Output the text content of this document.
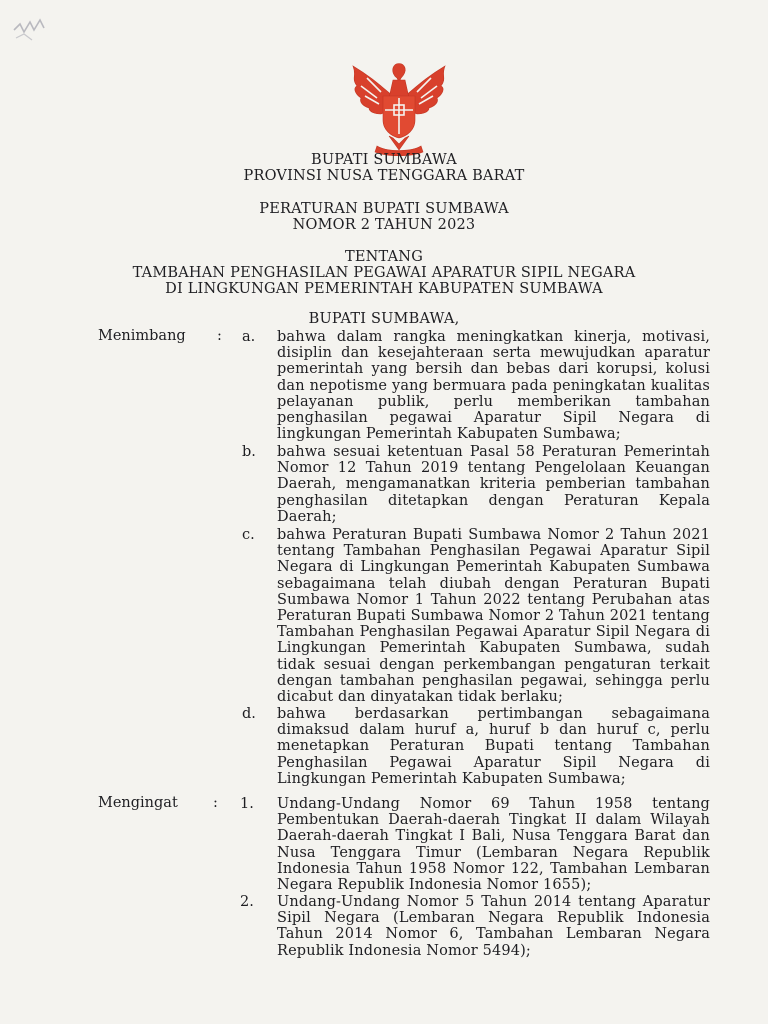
BUPATI SUMBAWA
PROVINSI NUSA TENGGARA BARAT
PERATURAN BUPATI SUMBAWA
NOMOR 2 TAHUN 2023
TENTANG
TAMBAHAN PENGHASILAN PEGAWAI APARATUR SIPIL NEGARA
DI LINGKUNGAN PEMERINTAH KABUPATEN SUMBAWA
BUPATI SUMBAWA,
Menimbang : a. bahwa dalam rangka meningkatkan kinerja, motivasi, disiplin dan kesejahteraan serta mewujudkan aparatur pemerintah yang bersih dan bebas dari korupsi, kolusi dan nepotisme yang bermuara pada peningkatan kualitas pelayanan publik, perlu memberikan tambahan penghasilan pegawai Aparatur Sipil Negara di lingkungan Pemerintah Kabupaten Sumbawa;
b. bahwa sesuai ketentuan Pasal 58 Peraturan Pemerintah Nomor 12 Tahun 2019 tentang Pengelolaan Keuangan Daerah, mengamanatkan kriteria pemberian tambahan penghasilan ditetapkan dengan Peraturan Kepala Daerah;
c. bahwa Peraturan Bupati Sumbawa Nomor 2 Tahun 2021 tentang Tambahan Penghasilan Pegawai Aparatur Sipil Negara di Lingkungan Pemerintah Kabupaten Sumbawa sebagaimana telah diubah dengan Peraturan Bupati Sumbawa Nomor 1 Tahun 2022 tentang Perubahan atas Peraturan Bupati Sumbawa Nomor 2 Tahun 2021 tentang Tambahan Penghasilan Pegawai Aparatur Sipil Negara di Lingkungan Pemerintah Kabupaten Sumbawa, sudah tidak sesuai dengan perkembangan pengaturan terkait dengan tambahan penghasilan pegawai, sehingga perlu dicabut dan dinyatakan tidak berlaku;
d. bahwa berdasarkan pertimbangan sebagaimana dimaksud dalam huruf a, huruf b dan huruf c, perlu menetapkan Peraturan Bupati tentang Tambahan Penghasilan Pegawai Aparatur Sipil Negara di Lingkungan Pemerintah Kabupaten Sumbawa;
Mengingat : 1. Undang-Undang Nomor 69 Tahun 1958 tentang Pembentukan Daerah-daerah Tingkat II dalam Wilayah Daerah-daerah Tingkat I Bali, Nusa Tenggara Barat dan Nusa Tenggara Timur (Lembaran Negara Republik Indonesia Tahun 1958 Nomor 122, Tambahan Lembaran Negara Republik Indonesia Nomor 1655);
2. Undang-Undang Nomor 5 Tahun 2014 tentang Aparatur Sipil Negara (Lembaran Negara Republik Indonesia Tahun 2014 Nomor 6, Tambahan Lembaran Negara Republik Indonesia Nomor 5494);
